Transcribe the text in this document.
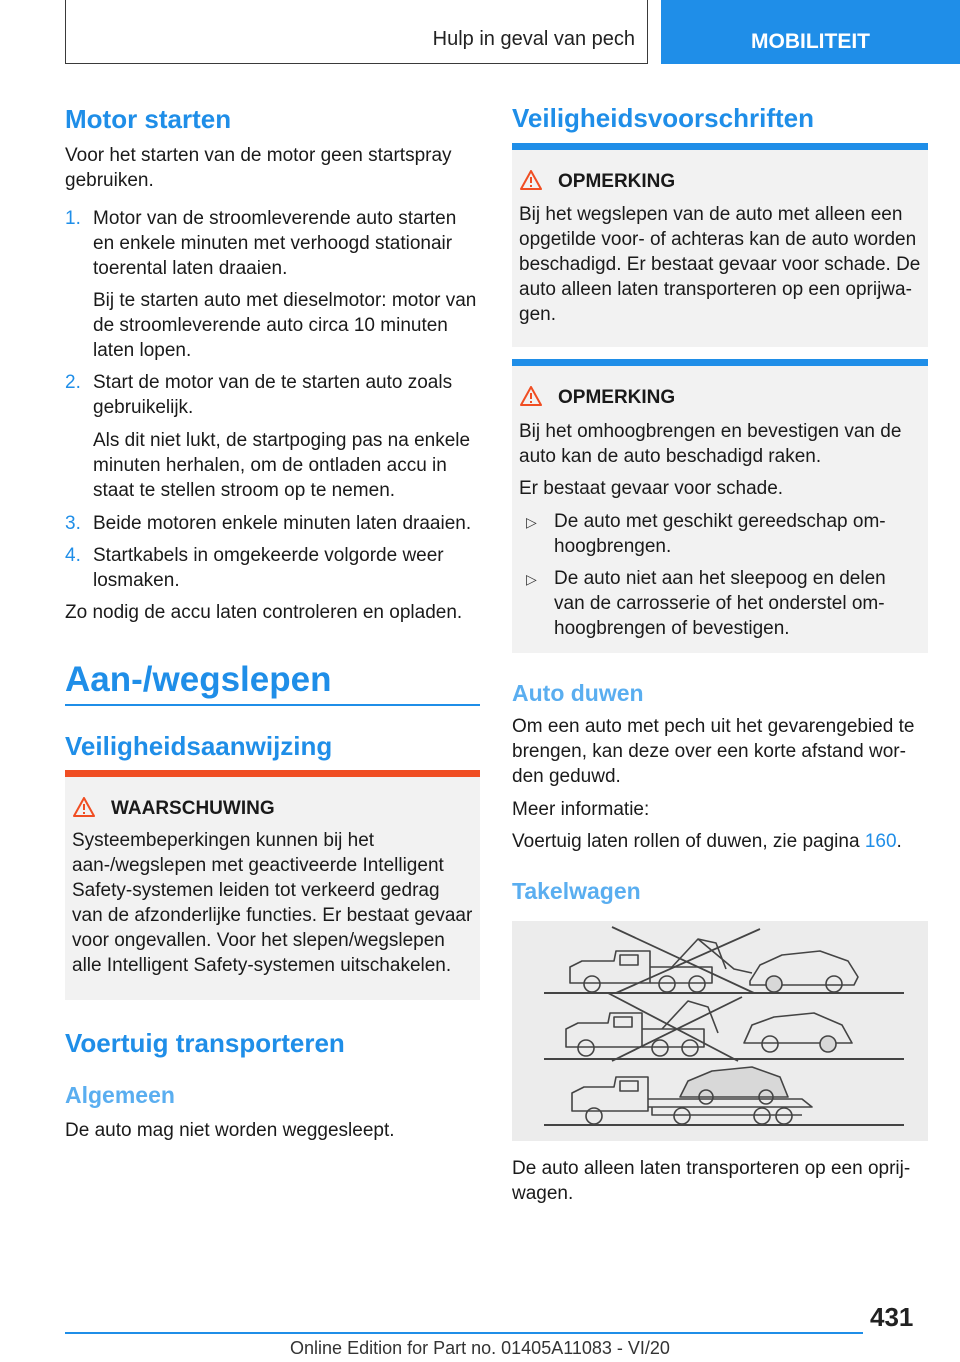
Hulp in geval van pech	MOBILITEIT
Motor starten
Voor het starten van de motor geen startspray gebruiken.
1. Motor van de stroomleverende auto starten en enkele minuten met verhoogd stationair toerental laten draaien.
Bij te starten auto met dieselmotor: motor van de stroomleverende auto circa 10 minuten laten lopen.
2. Start de motor van de te starten auto zoals gebruikelijk.
Als dit niet lukt, de startpoging pas na enkele minuten herhalen, om de ontladen accu in staat te stellen stroom op te nemen.
3. Beide motoren enkele minuten laten draaien.
4. Startkabels in omgekeerde volgorde weer losmaken.
Zo nodig de accu laten controleren en opladen.
Aan-/wegslepen
Veiligheidsaanwijzing
WAARSCHUWING
Systeembeperkingen kunnen bij het aan-/wegslepen met geactiveerde Intelligent Safety-systemen leiden tot verkeerd gedrag van de afzonderlijke functies. Er bestaat gevaar voor ongevallen. Voor het slepen/wegslepen alle Intelligent Safety-systemen uitschakelen.
Voertuig transporteren
Algemeen
De auto mag niet worden weggesleept.
Veiligheidsvoorschriften
OPMERKING
Bij het wegslepen van de auto met alleen een opgetilde voor- of achteras kan de auto worden beschadigd. Er bestaat gevaar voor schade. De auto alleen laten transporteren op een oprijwagen.
OPMERKING
Bij het omhoogbrengen en bevestigen van de auto kan de auto beschadigd raken.
Er bestaat gevaar voor schade.
▷ De auto met geschikt gereedschap omhoogbrengen.
▷ De auto niet aan het sleepoog en delen van de carrosserie of het onderstel omhoogbrengen of bevestigen.
Auto duwen
Om een auto met pech uit het gevarengebied te brengen, kan deze over een korte afstand worden geduwd.
Meer informatie:
Voertuig laten rollen of duwen, zie pagina 160.
Takelwagen
De auto alleen laten transporteren op een oprijwagen.
431
Online Edition for Part no. 01405A11083 - VI/20
